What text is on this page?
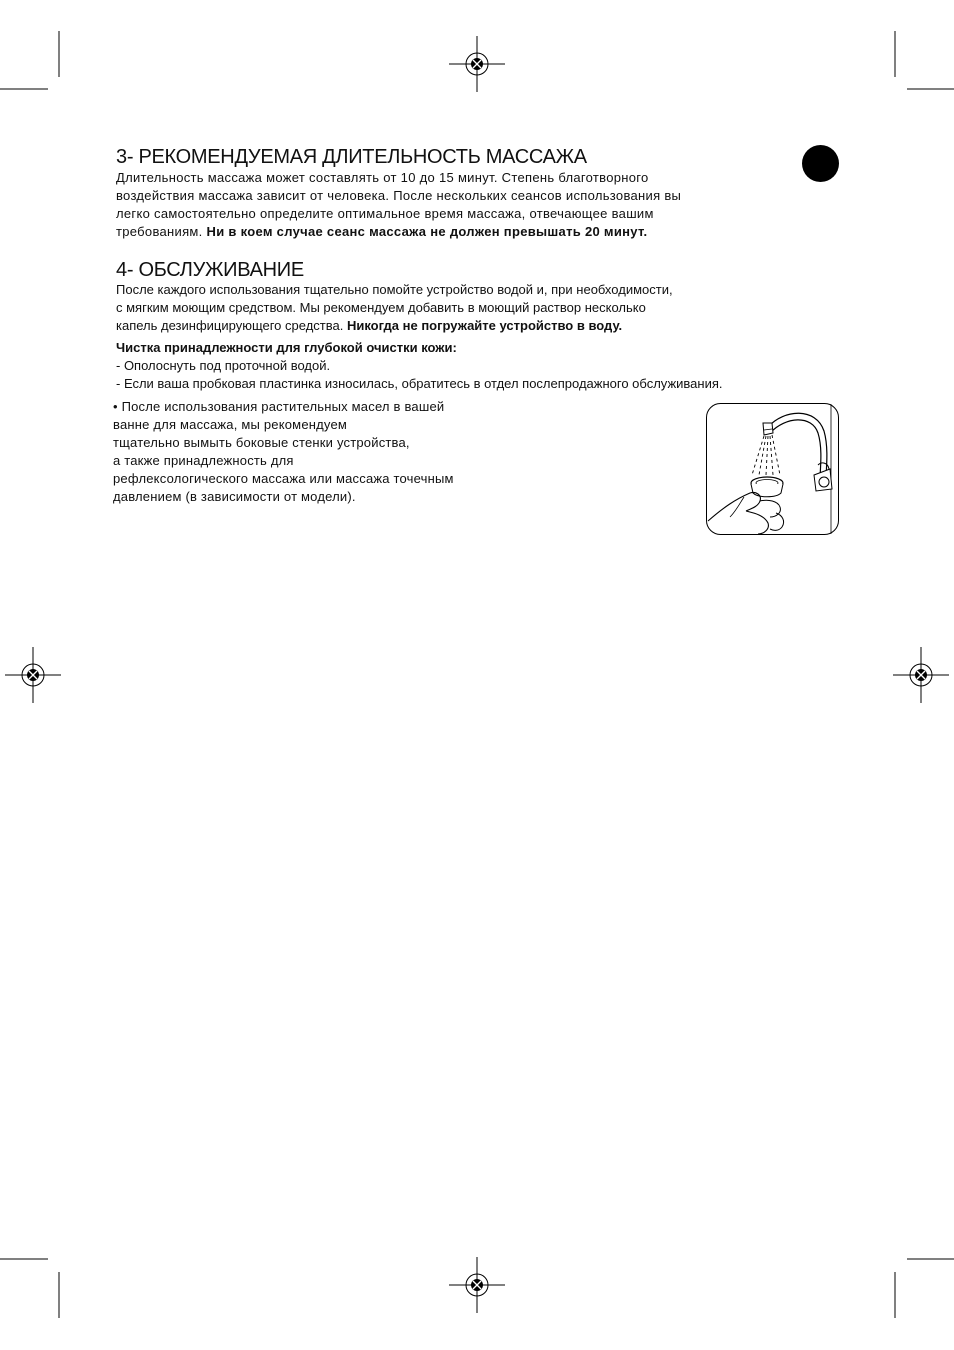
3- РЕКОМЕНДУЕМАЯ ДЛИТЕЛЬНОСТЬ МАССАЖА
Длительность массажа может составлять от 10 до 15 минут. Степень благотворного
воздействия массажа зависит от человека. После нескольких сеансов использования вы
легко самостоятельно определите оптимальное время массажа, отвечающее вашим
требованиям. Ни в коем случае сеанс массажа не должен превышать 20 минут.
4- ОБСЛУЖИВАНИЕ
После каждого использования тщательно помойте устройство водой и, при необходимости,
с мягким моющим средством. Мы рекомендуем добавить в моющий раствор несколько
капель дезинфицирующего средства. Никогда не погружайте устройство в воду.
Чистка принадлежности для глубокой очистки кожи:
- Ополоснуть под проточной водой.
- Если ваша пробковая пластинка износилась, обратитесь в отдел послепродажного обслуживания.
• После использования растительных масел в вашей
ванне для массажа, мы рекомендуем
тщательно вымыть боковые стенки устройства,
а также принадлежность для
рефлексологического массажа или массажа точечным
давлением (в зависимости от модели).
